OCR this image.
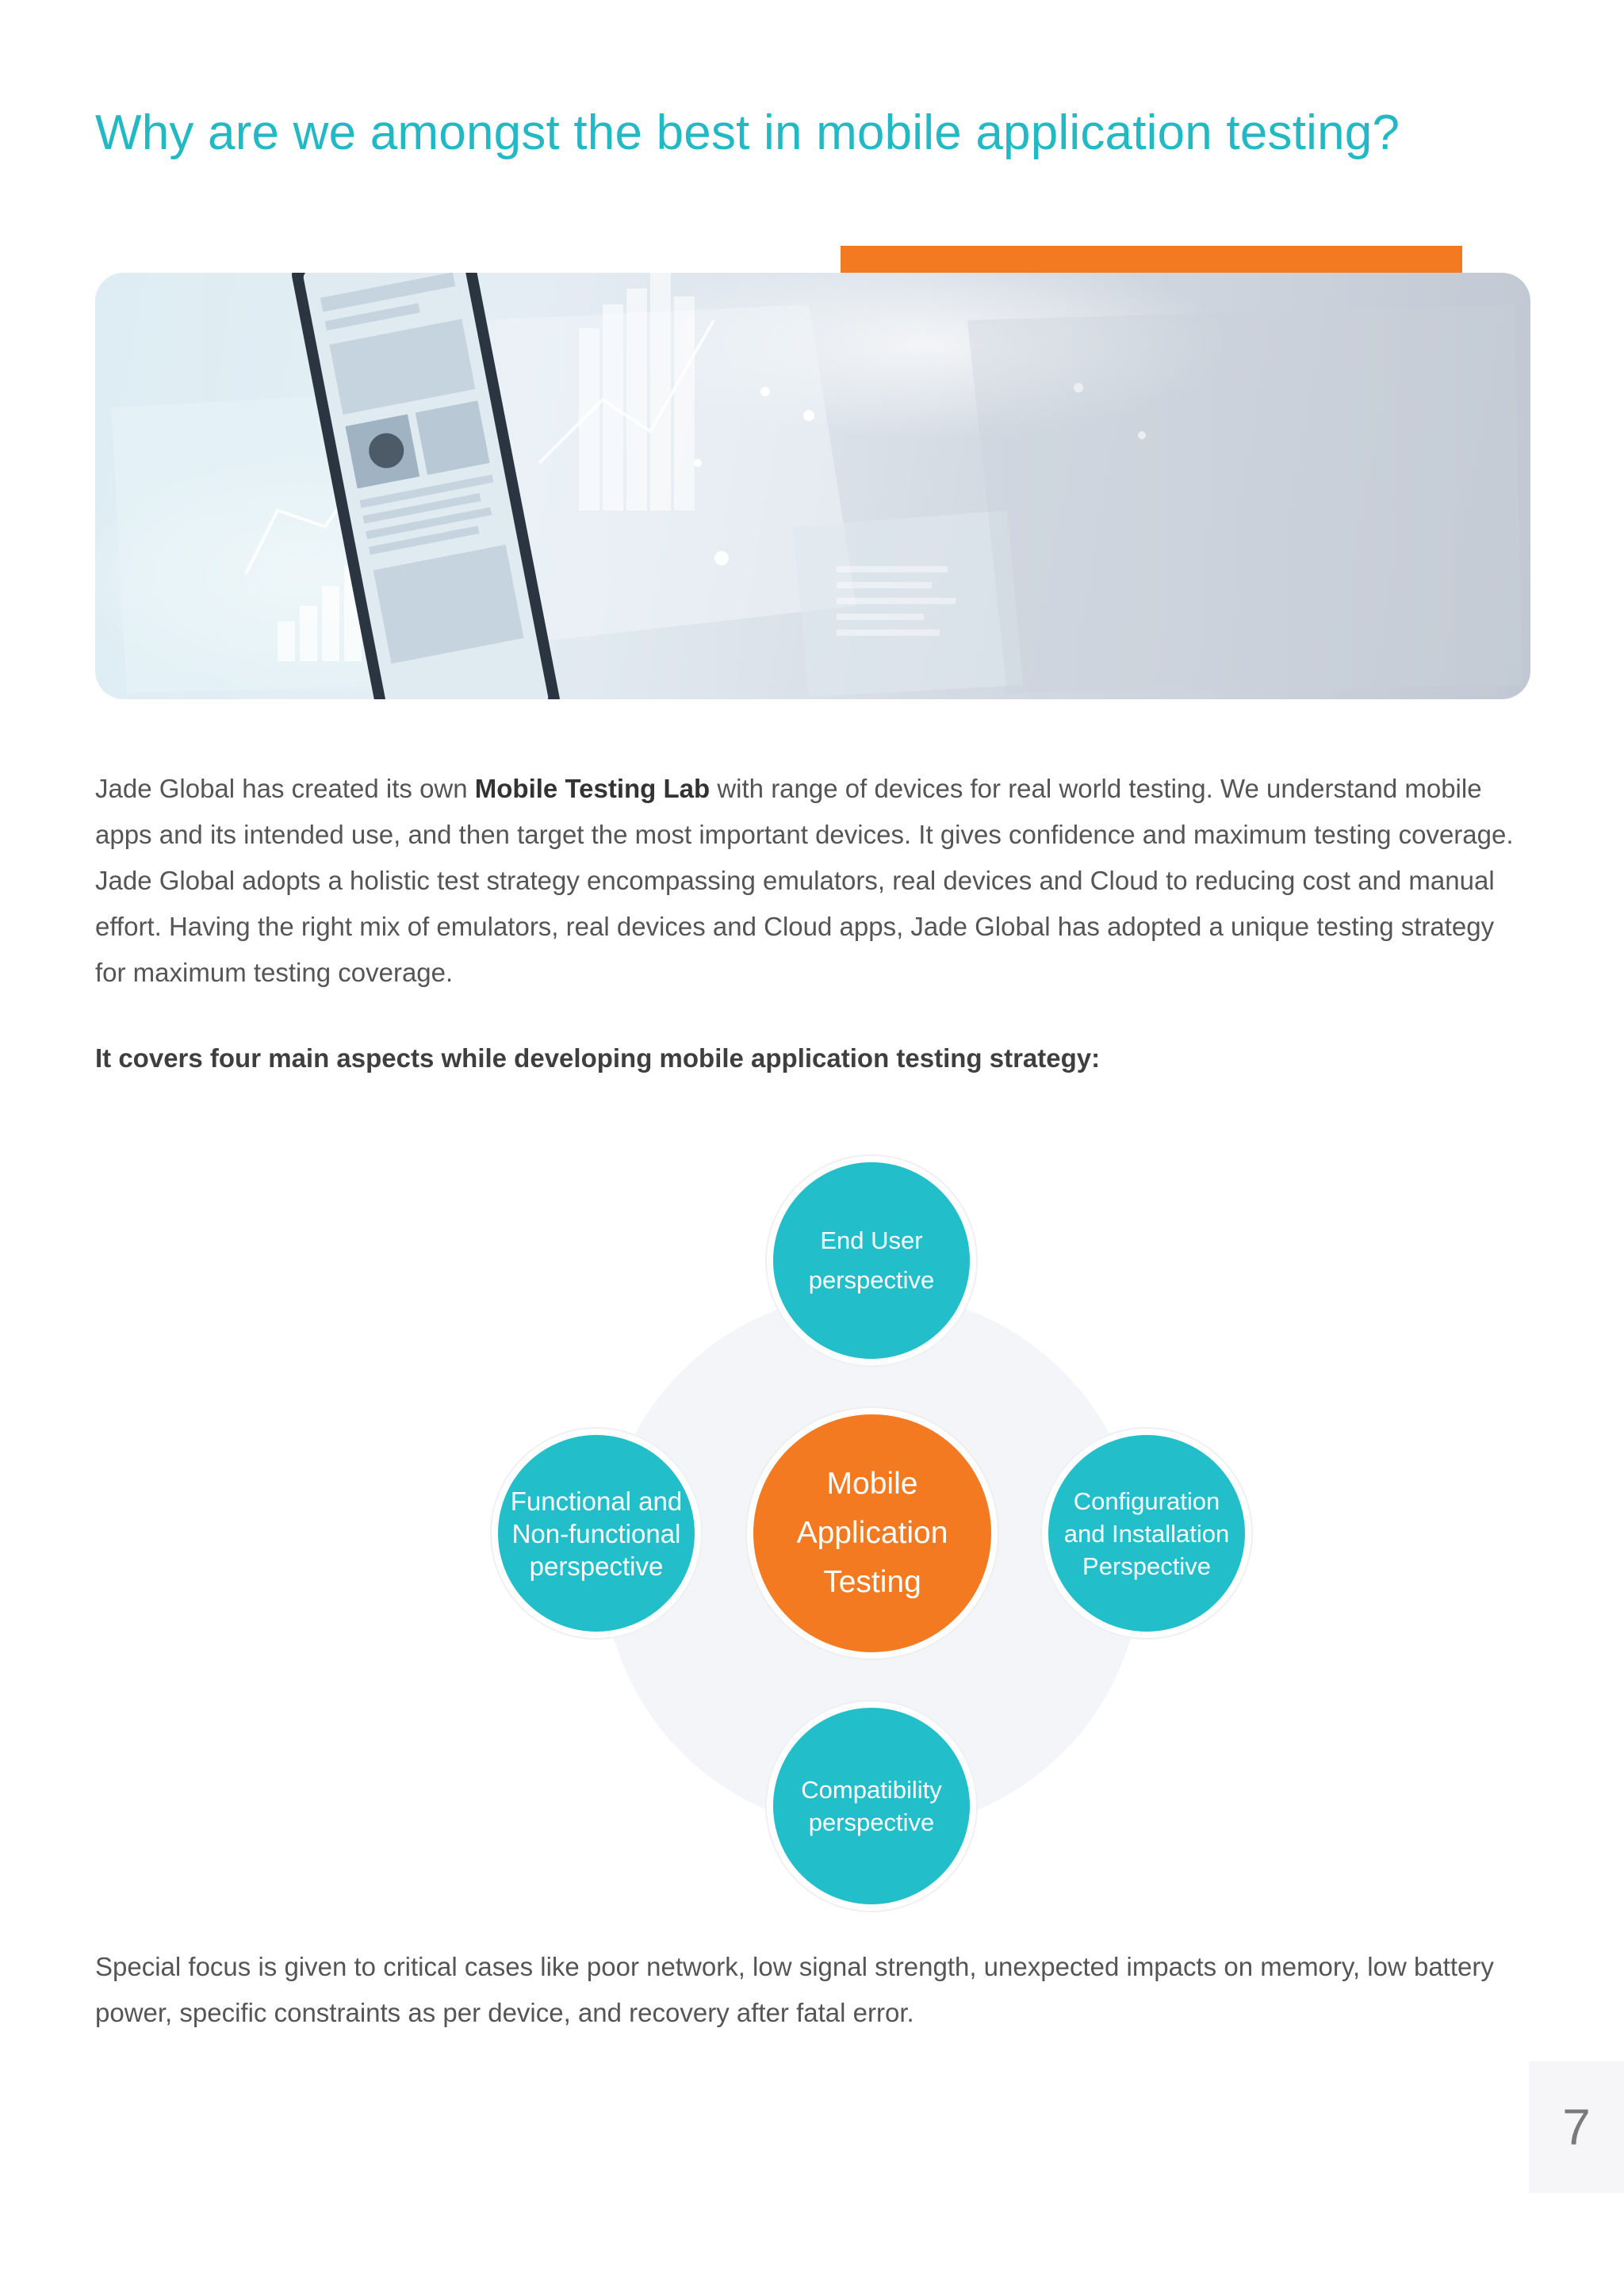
Why are we amongst the best in mobile application testing?
Jade Global has created its own Mobile Testing Lab with range of devices for real world testing. We understand mobile apps and its intended use, and then target the most important devices. It gives confidence and maximum testing coverage. Jade Global adopts a holistic test strategy encompassing emulators, real devices and Cloud to reducing cost and manual effort. Having the right mix of emulators, real devices and Cloud apps, Jade Global has adopted a unique testing strategy for maximum testing coverage.
It covers four main aspects while developing mobile application testing strategy:
End User perspective
Functional and Non-functional perspective
Mobile Application Testing
Configuration and Installation Perspective
Compatibility perspective
Special focus is given to critical cases like poor network, low signal strength, unexpected impacts on memory, low battery power, specific constraints as per device, and recovery after fatal error.
7
